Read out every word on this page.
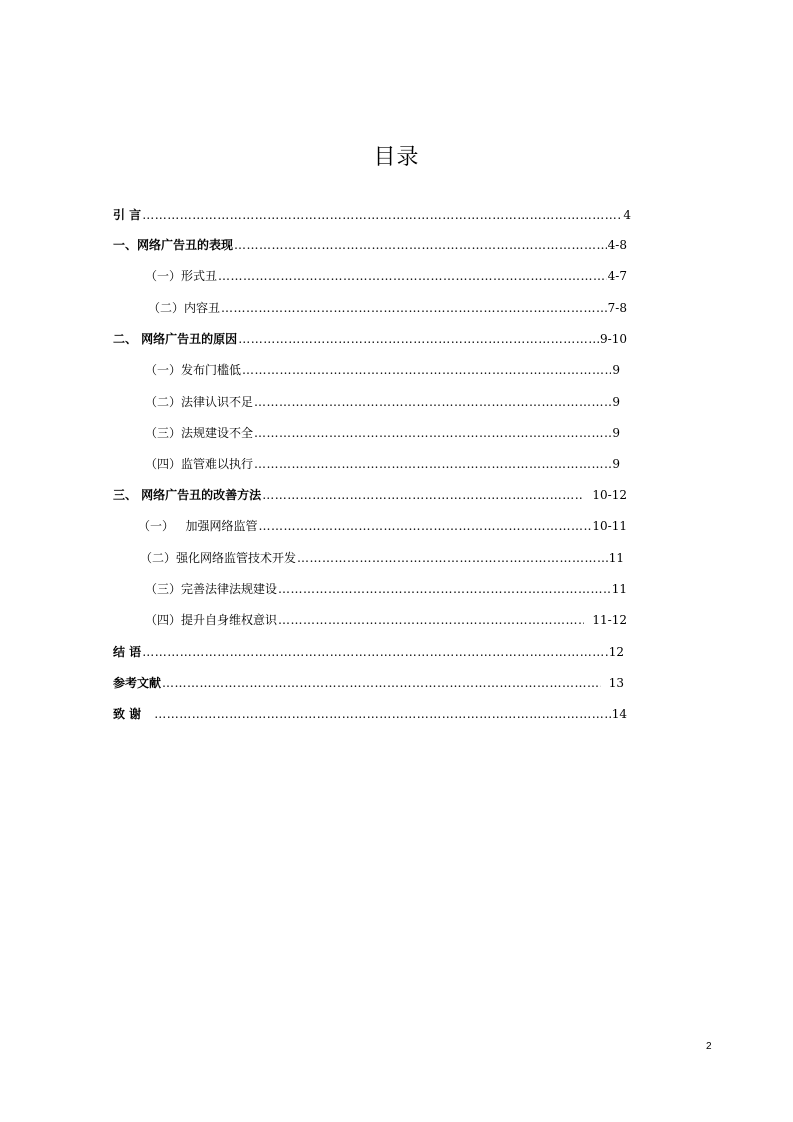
目录
引 言 ……………………………………………………………………………………………………………………………………………………………………………………………………………………	4
一、网络广告丑的表现 ……………………………………………………………………………………………………………………………………………………………………………………………………………………	4-8
（一）形式丑 ……………………………………………………………………………………………………………………………………………………………………………………………………………………	4-7
（二）内容丑 ……………………………………………………………………………………………………………………………………………………………………………………………………………………	7-8
二、 网络广告丑的原因 ……………………………………………………………………………………………………………………………………………………………………………………………………………………	9-10
（一）发布门槛低 ……………………………………………………………………………………………………………………………………………………………………………………………………………………	9
（二）法律认识不足 ……………………………………………………………………………………………………………………………………………………………………………………………………………………	9
（三）法规建设不全 ……………………………………………………………………………………………………………………………………………………………………………………………………………………	9
（四）监管难以执行 ……………………………………………………………………………………………………………………………………………………………………………………………………………………	9
三、 网络广告丑的改善方法 ……………………………………………………………………………………………………………………………………………………………………………………………………………………	10-12
（一）   加强网络监管 ……………………………………………………………………………………………………………………………………………………………………………………………………………………	10-11
（二）强化网络监管技术开发 ……………………………………………………………………………………………………………………………………………………………………………………………………………………	11
（三）完善法律法规建设 ……………………………………………………………………………………………………………………………………………………………………………………………………………………	11
（四）提升自身维权意识 ……………………………………………………………………………………………………………………………………………………………………………………………………………………	11-12
结 语 ……………………………………………………………………………………………………………………………………………………………………………………………………………………	12
参考文献 ……………………………………………………………………………………………………………………………………………………………………………………………………………………	13
致 谢 ……………………………………………………………………………………………………………………………………………………………………………………………………………………	14
2
